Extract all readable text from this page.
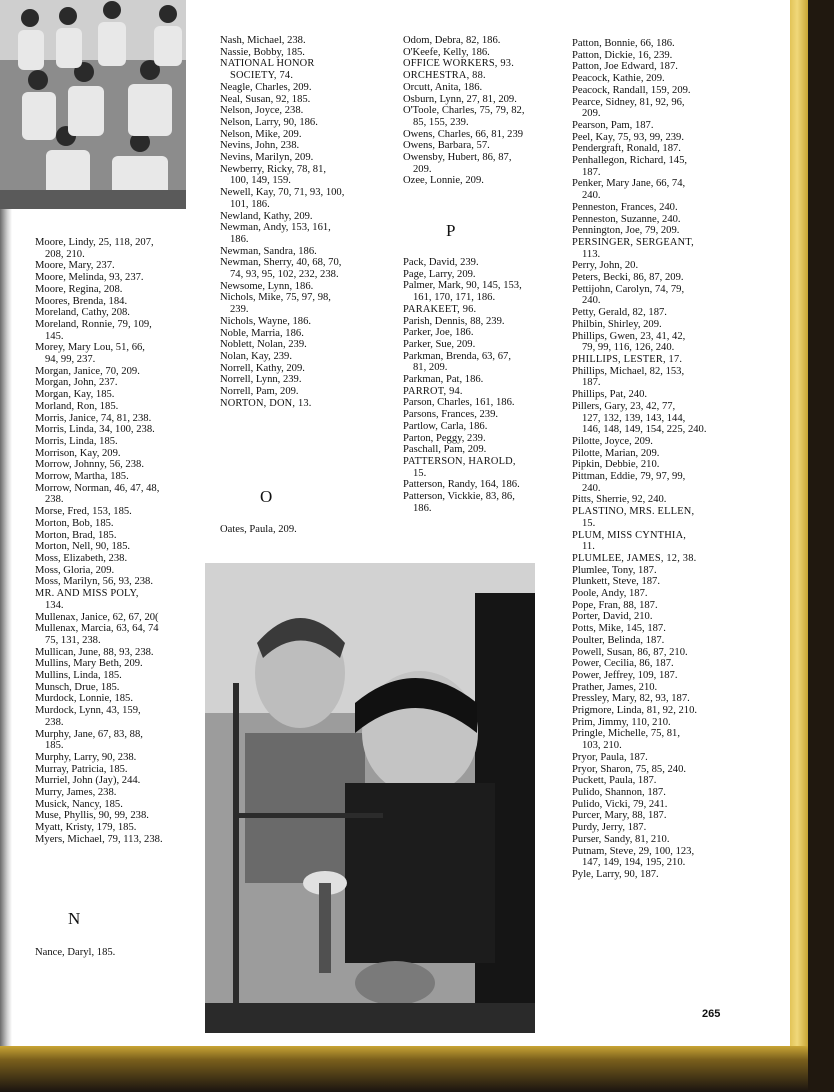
Moore, Lindy, 25, 118, 207,
208, 210.
Moore, Mary, 237.
Moore, Melinda, 93, 237.
Moore, Regina, 208.
Moores, Brenda, 184.
Moreland, Cathy, 208.
Moreland, Ronnie, 79, 109,
145.
Morey, Mary Lou, 51, 66,
94, 99, 237.
Morgan, Janice, 70, 209.
Morgan, John, 237.
Morgan, Kay, 185.
Morland, Ron, 185.
Morris, Janice, 74, 81, 238.
Morris, Linda, 34, 100, 238.
Morris, Linda, 185.
Morrison, Kay, 209.
Morrow, Johnny, 56, 238.
Morrow, Martha, 185.
Morrow, Norman, 46, 47, 48,
238.
Morse, Fred, 153, 185.
Morton, Bob, 185.
Morton, Brad, 185.
Morton, Nell, 90, 185.
Moss, Elizabeth, 238.
Moss, Gloria, 209.
Moss, Marilyn, 56, 93, 238.
MR. AND MISS POLY,
134.
Mullenax, Janice, 62, 67, 20(
Mullenax, Marcia, 63, 64, 74
75, 131, 238.
Mullican, June, 88, 93, 238.
Mullins, Mary Beth, 209.
Mullins, Linda, 185.
Munsch, Drue, 185.
Murdock, Lonnie, 185.
Murdock, Lynn, 43, 159,
238.
Murphy, Jane, 67, 83, 88,
185.
Murphy, Larry, 90, 238.
Murray, Patricia, 185.
Murriel, John (Jay), 244.
Murry, James, 238.
Musick, Nancy, 185.
Muse, Phyllis, 90, 99, 238.
Myatt, Kristy, 179, 185.
Myers, Michael, 79, 113, 238.
N
Nance, Daryl, 185.
Nash, Michael, 238.
Nassie, Bobby, 185.
NATIONAL HONOR
SOCIETY, 74.
Neagle, Charles, 209.
Neal, Susan, 92, 185.
Nelson, Joyce, 238.
Nelson, Larry, 90, 186.
Nelson, Mike, 209.
Nevins, John, 238.
Nevins, Marilyn, 209.
Newberry, Ricky, 78, 81,
100, 149, 159.
Newell, Kay, 70, 71, 93, 100,
101, 186.
Newland, Kathy, 209.
Newman, Andy, 153, 161,
186.
Newman, Sandra, 186.
Newman, Sherry, 40, 68, 70,
74, 93, 95, 102, 232, 238.
Newsome, Lynn, 186.
Nichols, Mike, 75, 97, 98,
239.
Nichols, Wayne, 186.
Noble, Marria, 186.
Noblett, Nolan, 239.
Nolan, Kay, 239.
Norrell, Kathy, 209.
Norrell, Lynn, 239.
Norrell, Pam, 209.
NORTON, DON, 13.
O
Oates, Paula, 209.
Odom, Debra, 82, 186.
O'Keefe, Kelly, 186.
OFFICE WORKERS, 93.
ORCHESTRA, 88.
Orcutt, Anita, 186.
Osburn, Lynn, 27, 81, 209.
O'Toole, Charles, 75, 79, 82,
85, 155, 239.
Owens, Charles, 66, 81, 239
Owens, Barbara, 57.
Owensby, Hubert, 86, 87,
209.
Ozee, Lonnie, 209.
P
Pack, David, 239.
Page, Larry, 209.
Palmer, Mark, 90, 145, 153,
161, 170, 171, 186.
PARAKEET, 96.
Parish, Dennis, 88, 239.
Parker, Joe, 186.
Parker, Sue, 209.
Parkman, Brenda, 63, 67,
81, 209.
Parkman, Pat, 186.
PARROT, 94.
Parson, Charles, 161, 186.
Parsons, Frances, 239.
Partlow, Carla, 186.
Parton, Peggy, 239.
Paschall, Pam, 209.
PATTERSON, HAROLD,
15.
Patterson, Randy, 164, 186.
Patterson, Vickkie, 83, 86,
186.
Patton, Bonnie, 66, 186.
Patton, Dickie, 16, 239.
Patton, Joe Edward, 187.
Peacock, Kathie, 209.
Peacock, Randall, 159, 209.
Pearce, Sidney, 81, 92, 96,
209.
Pearson, Pam, 187.
Peel, Kay, 75, 93, 99, 239.
Pendergraft, Ronald, 187.
Penhallegon, Richard, 145,
187.
Penker, Mary Jane, 66, 74,
240.
Penneston, Frances, 240.
Penneston, Suzanne, 240.
Pennington, Joe, 79, 209.
PERSINGER, SERGEANT,
113.
Perry, John, 20.
Peters, Becki, 86, 87, 209.
Pettijohn, Carolyn, 74, 79,
240.
Petty, Gerald, 82, 187.
Philbin, Shirley, 209.
Phillips, Gwen, 23, 41, 42,
79, 99, 116, 126, 240.
PHILLIPS, LESTER, 17.
Phillips, Michael, 82, 153,
187.
Phillips, Pat, 240.
Pillers, Gary, 23, 42, 77,
127, 132, 139, 143, 144,
146, 148, 149, 154, 225, 240.
Pilotte, Joyce, 209.
Pilotte, Marian, 209.
Pipkin, Debbie, 210.
Pittman, Eddie, 79, 97, 99,
240.
Pitts, Sherrie, 92, 240.
PLASTINO, MRS. ELLEN,
15.
PLUM, MISS CYNTHIA,
11.
PLUMLEE, JAMES, 12, 38.
Plumlee, Tony, 187.
Plunkett, Steve, 187.
Poole, Andy, 187.
Pope, Fran, 88, 187.
Porter, David, 210.
Potts, Mike, 145, 187.
Poulter, Belinda, 187.
Powell, Susan, 86, 87, 210.
Power, Cecilia, 86, 187.
Power, Jeffrey, 109, 187.
Prather, James, 210.
Pressley, Mary, 82, 93, 187.
Prigmore, Linda, 81, 92, 210.
Prim, Jimmy, 110, 210.
Pringle, Michelle, 75, 81,
103, 210.
Pryor, Paula, 187.
Pryor, Sharon, 75, 85, 240.
Puckett, Paula, 187.
Pulido, Shannon, 187.
Pulido, Vicki, 79, 241.
Purcer, Mary, 88, 187.
Purdy, Jerry, 187.
Purser, Sandy, 81, 210.
Putnam, Steve, 29, 100, 123,
147, 149, 194, 195, 210.
Pyle, Larry, 90, 187.
265
